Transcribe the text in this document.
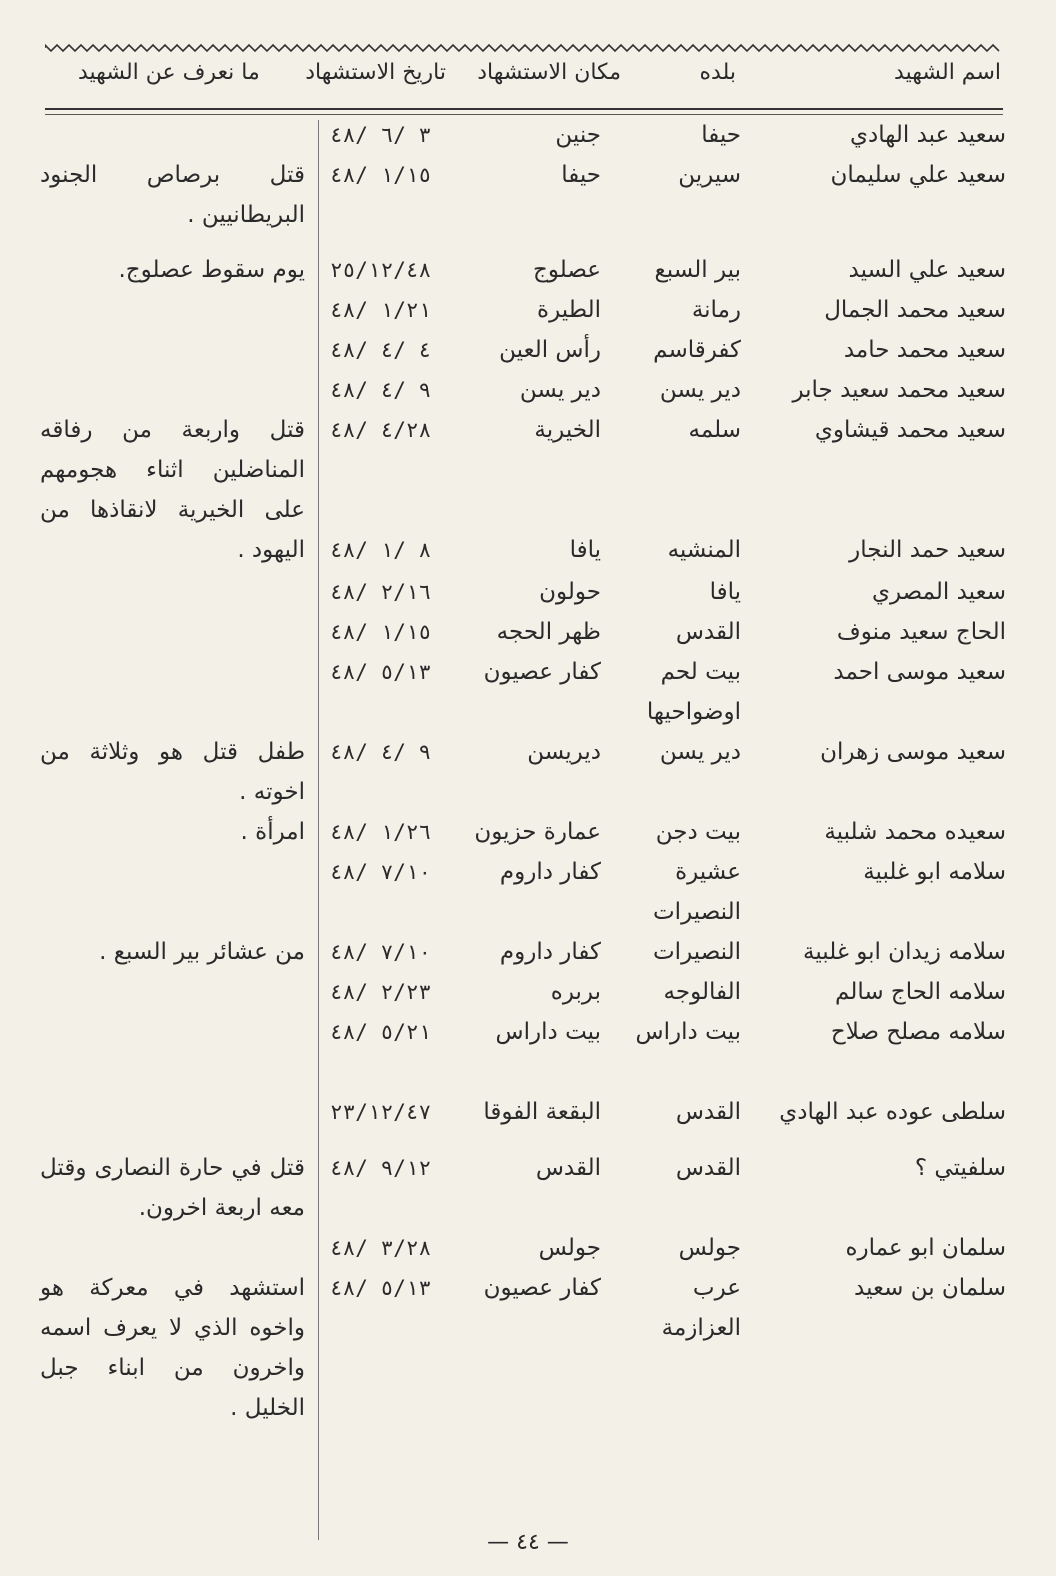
اسم الشهيد
بلده
مكان الاستشهاد
تاريخ الاستشهاد
ما نعرف عن الشهيد
سعيد عبد الهادي
حيفا
جنين
٣ /٦ /٤٨
سعيد علي سليمان
سيرين
حيفا
١/١٥ /٤٨
قتل برصاص الجنود البريطانيين .
سعيد علي السيد
بير السبع
عصلوج
٢٥/١٢/٤٨
يوم سقوط عصلوج.
سعيد محمد الجمال
رمانة
الطيرة
١/٢١ /٤٨
سعيد محمد حامد
كفرقاسم
رأس العين
٤ /٤ /٤٨
سعيد محمد سعيد جابر
دير يسن
دير يسن
٩ /٤ /٤٨
سعيد محمد قيشاوي
سلمه
الخيرية
٤/٢٨ /٤٨
قتل واربعة من رفاقه المناضلين اثناء هجومهم على الخيرية لانقاذها من اليهود .	سعيد حمد النجار
المنشيه
يافا
٨ /١ /٤٨
سعيد المصري
يافا
حولون
٢/١٦ /٤٨
الحاج سعيد منوف
القدس
ظهر الحجه
١/١٥ /٤٨
سعيد موسى احمد
بيت لحم اوضواحيها
كفار عصيون
٥/١٣ /٤٨
سعيد موسى زهران
دير يسن
ديريسن
٩ /٤ /٤٨
طفل قتل هو وثلاثة من اخوته .
سعيده محمد شلبية
بيت دجن
عمارة حزيون
١/٢٦ /٤٨
امرأة .
سلامه ابو غلبية
عشيرة النصيرات
كفار داروم
٧/١٠ /٤٨
سلامه زيدان ابو غلبية
النصيرات
كفار داروم
٧/١٠ /٤٨
من عشائر بير السبع .
سلامه الحاج سالم
الفالوجه
بربره
٢/٢٣ /٤٨
سلامه مصلح صلاح
بيت داراس
بيت داراس
٥/٢١ /٤٨
سلطى عوده عبد الهادي
القدس
البقعة الفوقا
٢٣/١٢/٤٧
سلفيتي ؟
القدس
القدس
٩/١٢ /٤٨
قتل في حارة النصارى وقتل معه اربعة اخرون.
سلمان ابو عماره
جولس
جولس
٣/٢٨ /٤٨
سلمان بن سعيد
عرب العزازمة
كفار عصيون
٥/١٣ /٤٨
استشهد في معركة هو واخوه الذي لا يعرف اسمه واخرون من ابناء جبل الخليل .
— ٤٤ —
